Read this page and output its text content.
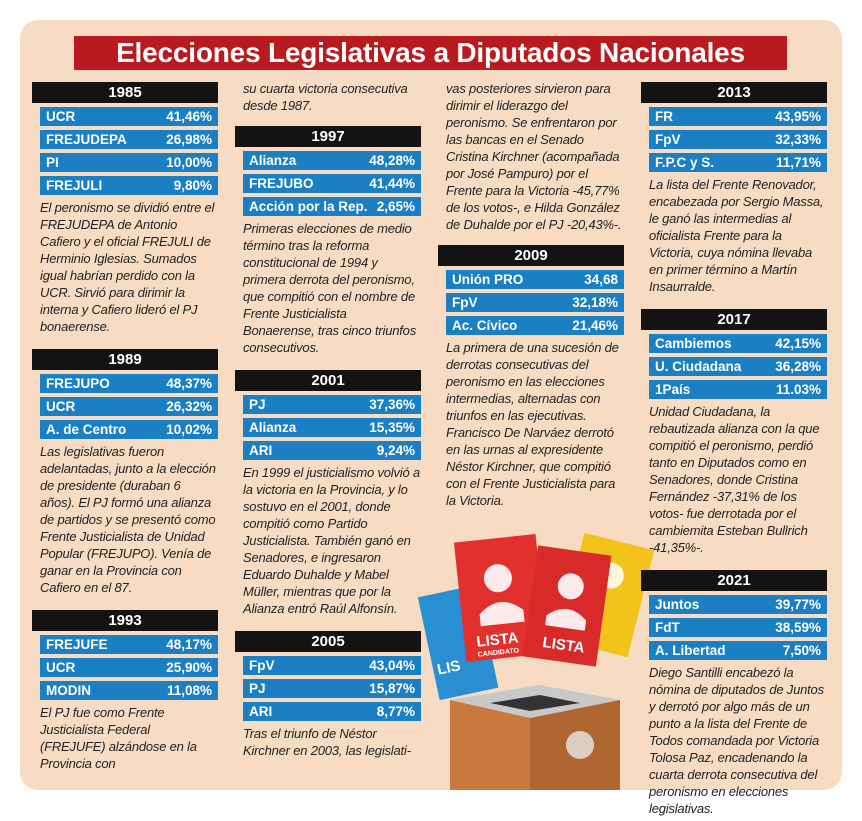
Elecciones Legislativas a Diputados Nacionales
1985
UCR	41,46%
FREJUDEPA	26,98%
PI	10,00%
FREJULI	9,80%
El peronismo se dividió entre el FREJUDEPA de Antonio Cafiero y el oficial FREJULI de Herminio Iglesias. Sumados igual habrían perdido con la UCR. Sirvió para dirimir la interna y Cafiero lideró el PJ bonaerense.
1989
FREJUPO	48,37%
UCR	26,32%
A. de Centro	10,02%
Las legislativas fueron adelantadas, junto a la elección de presidente (duraban 6 años). El PJ formó una alianza de partidos y se presentó como Frente Justicialista de Unidad Popular (FREJUPO). Venía de ganar en la Provincia con Cafiero en el 87.
1993
FREJUFE	48,17%
UCR	25,90%
MODIN	11,08%
El PJ fue como Frente Justicialista Federal (FREJUFE) alzándose en la Provincia con
su cuarta victoria consecutiva desde 1987.
1997
Alianza	48,28%
FREJUBO	41,44%
Acción por la Rep. 2,65%
Primeras elecciones de medio término tras la reforma constitucional de 1994 y primera derrota del peronismo, que compitió con el nombre de Frente Justicialista Bonaerense, tras cinco triunfos consecutivos.
2001
PJ	37,36%
Alianza	15,35%
ARI	9,24%
En 1999 el justicialismo volvió a la victoria en la Provincia, y lo sostuvo en el 2001, donde compitió como Partido Justicialista. También ganó en Senadores, e ingresaron Eduardo Duhalde y Mabel Müller, mientras que por la Alianza entró Raúl Alfonsín.
2005
FpV	43,04%
PJ	15,87%
ARI	8,77%
Tras el triunfo de Néstor Kirchner en 2003, las legislati-
vas posteriores sirvieron para dirimir el liderazgo del peronismo. Se enfrentaron por las bancas en el Senado Cristina Kirchner (acompañada por José Pampuro) por el Frente para la Victoria -45,77% de los votos-, e Hilda González de Duhalde por el PJ -20,43%-.
2009
Unión PRO	34,68
FpV	32,18%
Ac. Cívico	21,46%
La primera de una sucesión de derrotas consecutivas del peronismo en las elecciones intermedias, alternadas con triunfos en las ejecutivas. Francisco De Narváez derrotó en las urnas al expresidente Néstor Kirchner, que compitió con el Frente Justicialista para la Victoria.
LIS
LISTA
CANDIDATO LISTA
2013
FR	43,95%
FpV	32,33%
F.P.C y S.	11,71%
La lista del Frente Renovador, encabezada por Sergio Massa, le ganó las intermedias al oficialista Frente para la Victoria, cuya nómina llevaba en primer término a Martín Insaurralde.
2017
Cambiemos	42,15%
U. Ciudadana	36,28%
1País	11.03%
Unidad Ciudadana, la rebautizada alianza con la que compitió el peronismo, perdió tanto en Diputados como en Senadores, donde Cristina Fernández -37,31% de los votos- fue derrotada por el cambiemita Esteban Bullrich -41,35%-.
2021
Juntos	39,77%
FdT	38,59%
A. Libertad	7,50%
Diego Santilli encabezó la nómina de diputados de Juntos y derrotó por algo más de un punto a la lista del Frente de Todos comandada por Victoria Tolosa Paz, encadenando la cuarta derrota consecutiva del peronismo en elecciones legislativas.
